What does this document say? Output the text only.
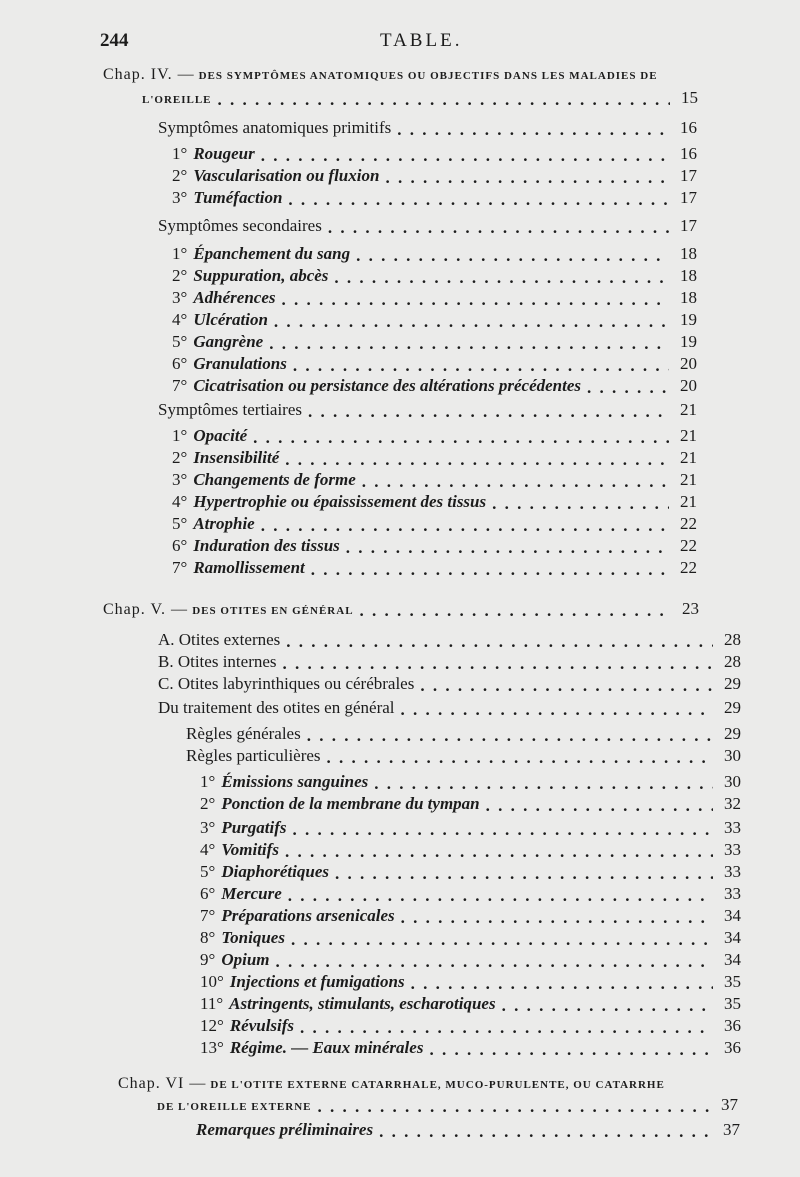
244	TABLE.
Chap. IV. — DES SYMPTÔMES ANATOMIQUES OU OBJECTIFS DANS LES MALADIES DE
L'OREILLE . . .	15
Symptômes anatomiques primitifs . . .	16
1° Rougeur . . .	16
2° Vascularisation ou fluxion . . .	17
3° Tuméfaction . . .	17
Symptômes secondaires . . .	17
1° Épanchement du sang . . .	18
2° Suppuration, abcès . . .	18
3° Adhérences . . .	18
4° Ulcération . . .	19
5° Gangrène . . .	19
6° Granulations . . .	20
7° Cicatrisation ou persistance des altérations précédentes . . .	20
Symptômes tertiaires . . .	21
1° Opacité . . .	21
2° Insensibilité . . .	21
3° Changements de forme . . .	21
4° Hypertrophie ou épaississement des tissus . . .	21
5° Atrophie . . .	22
6° Induration des tissus . . .	22
7° Ramollissement . . .	22
Chap. V. — DES OTITES EN GÉNÉRAL . . .	23
A. Otites externes . . .	28
B. Otites internes . . .	28
C. Otites labyrinthiques ou cérébrales . . .	29
Du traitement des otites en général . . .	29
Règles générales . . .	29
Règles particulières . . .	30
1° Émissions sanguines . . .	30
2° Ponction de la membrane du tympan . . .	32
3° Purgatifs . . .	33
4° Vomitifs . . .	33
5° Diaphorétiques . . .	33
6° Mercure . . .	33
7° Préparations arsenicales . . .	34
8° Toniques . . .	34
9° Opium . . .	34
10° Injections et fumigations . . .	35
11° Astringents, stimulants, escharotiques . . .	35
12° Révulsifs . . .	36
13° Régime. — Eaux minérales . . .	36
Chap. VI — DE L'OTITE EXTERNE CATARRHALE, MUCO-PURULENTE, OU CATARRHE
DE L'OREILLE EXTERNE . . .	37
Remarques préliminaires . . .	37
